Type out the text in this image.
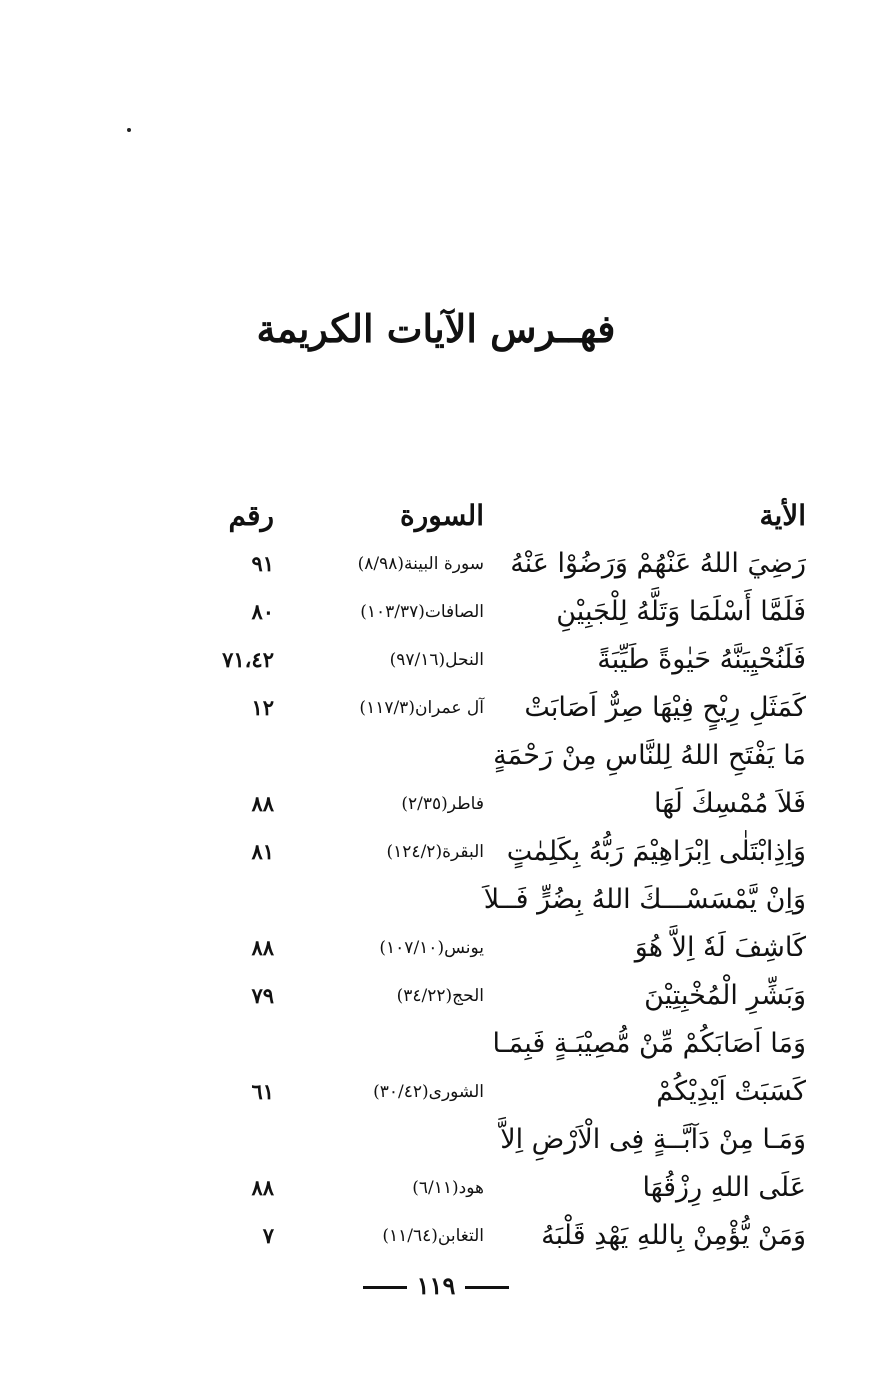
فهــرس الآيات الكريمة
الأية
السورة
رقم
رَضِيَ اللهُ عَنْهُمْ وَرَضُوْا عَنْهُ
سورة البينة(٨/٩٨)
٩١
فَلَمَّا أَسْلَمَا وَتَلَّهُ لِلْجَبِيْنِ
الصافات(١٠٣/٣٧)
٨٠
فَلَنُحْيِيَنَّهُ حَيٰوةً طَيِّبَةً
النحل(٩٧/١٦)
٧١،٤٢
كَمَثَلِ رِيْحٍ فِيْهَا صِرٌّ اَصَابَتْ
آل عمران(١١٧/٣)
١٢
مَا يَفْتَحِ اللهُ لِلنَّاسِ مِنْ رَحْمَةٍ
فَلاَ مُمْسِكَ لَهَا
فاطر(٢/٣٥)
٨٨
وَاِذِابْتَلٰى اِبْرَاهِيْمَ رَبُّهُ بِكَلِمٰتٍ
البقرة(١٢٤/٢)
٨١
وَاِنْ يَّمْسَسْـــكَ اللهُ بِضُرٍّ فَــلاَ
كَاشِفَ لَهٗ اِلاَّ هُوَ
يونس(١٠٧/١٠)
٨٨
وَبَشِّرِ الْمُخْبِتِيْنَ
الحج(٣٤/٢٢)
٧٩
وَمَا اَصَابَكُمْ مِّنْ مُّصِيْبَـةٍ فَبِمَـا
كَسَبَتْ اَيْدِيْكُمْ
الشورى(٣٠/٤٢)
٦١
وَمَـا مِنْ دَآبَّــةٍ فِى الْاَرْضِ اِلاَّ
عَلَى اللهِ رِزْقُهَا
هود(٦/١١)
٨٨
وَمَنْ يُّؤْمِنْ بِاللهِ يَهْدِ قَلْبَهُ
التغابن(١١/٦٤)
٧
١١٩
